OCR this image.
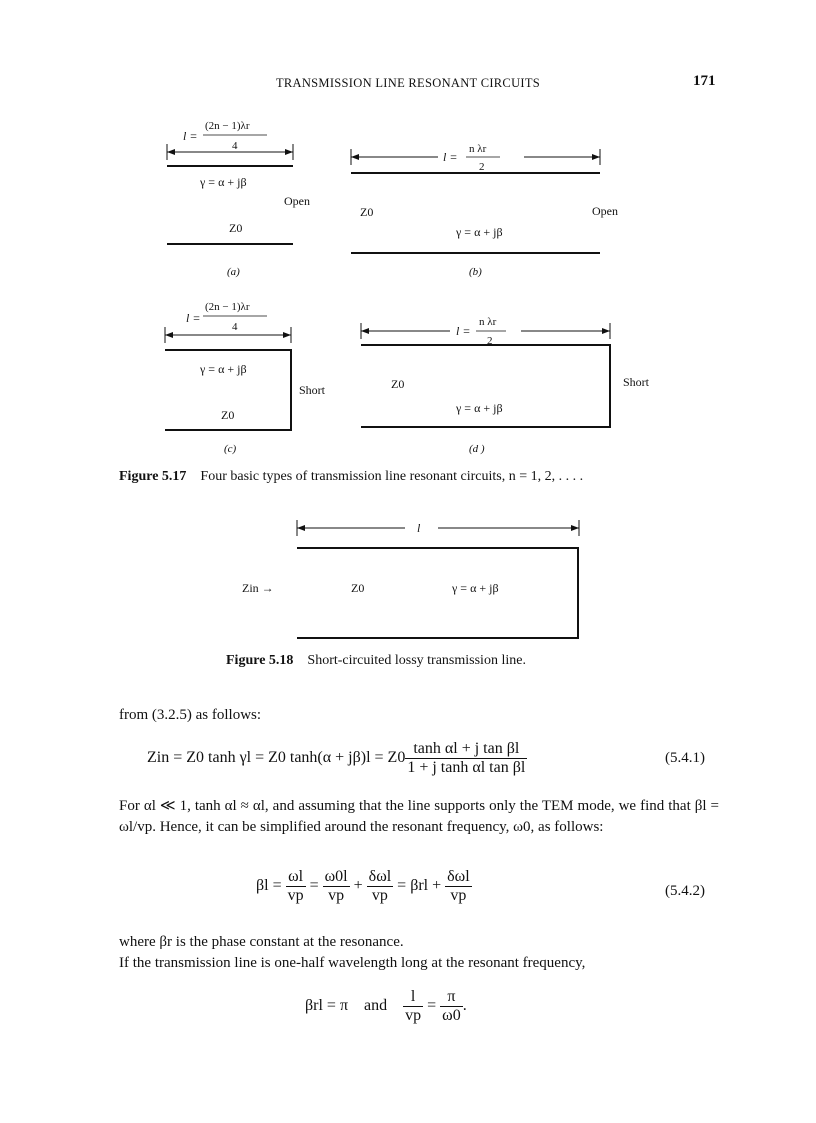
TRANSMISSION LINE RESONANT CIRCUITS	171
l =
(2n − 1)λr
4
γ = α + jβ
Open
Z0
(a)
l =
n λr
2
Z0	Open
γ = α + jβ
(b)
l =
(2n − 1)λr
4
γ = α + jβ
Short
Z0
(c)
l =
n λr
2
Z0	Short
γ = α + jβ
(d )
Figure 5.17 Four basic types of transmission line resonant circuits, n = 1, 2, . . . .
l
Zin →	Z0	γ = α + jβ
Figure 5.18 Short-circuited lossy transmission line.
from (3.2.5) as follows:
Zin = Z0 tanh γl = Z0 $\tanh(\alpha + j\beta)l = Z0 \frac{\text{tanh αl + j tan βl}}{\text{1 + j tanh αl tan βl}}$	(5.4.1)
For αl ≪ 1, tanh αl ≈ αl, and assuming that the line supports only the TEM mode, we find that βl = ωl/vp. Hence, it can be simplified around the resonant frequency, ω0, as follows:
$\beta l = \frac{\omega l}{vp} = \frac{\omega 0l}{vp} + \frac{\text{δωl}}{vp} = \beta rl + \frac{\text{δωl}}{vp}$	(5.4.2)
where βr is the phase constant at the resonance.
If the transmission line is one-half wavelength long at the resonant frequency,
βrl = π and $\frac{l}{vp} = \frac{\pi}{\omega 0}$ .
